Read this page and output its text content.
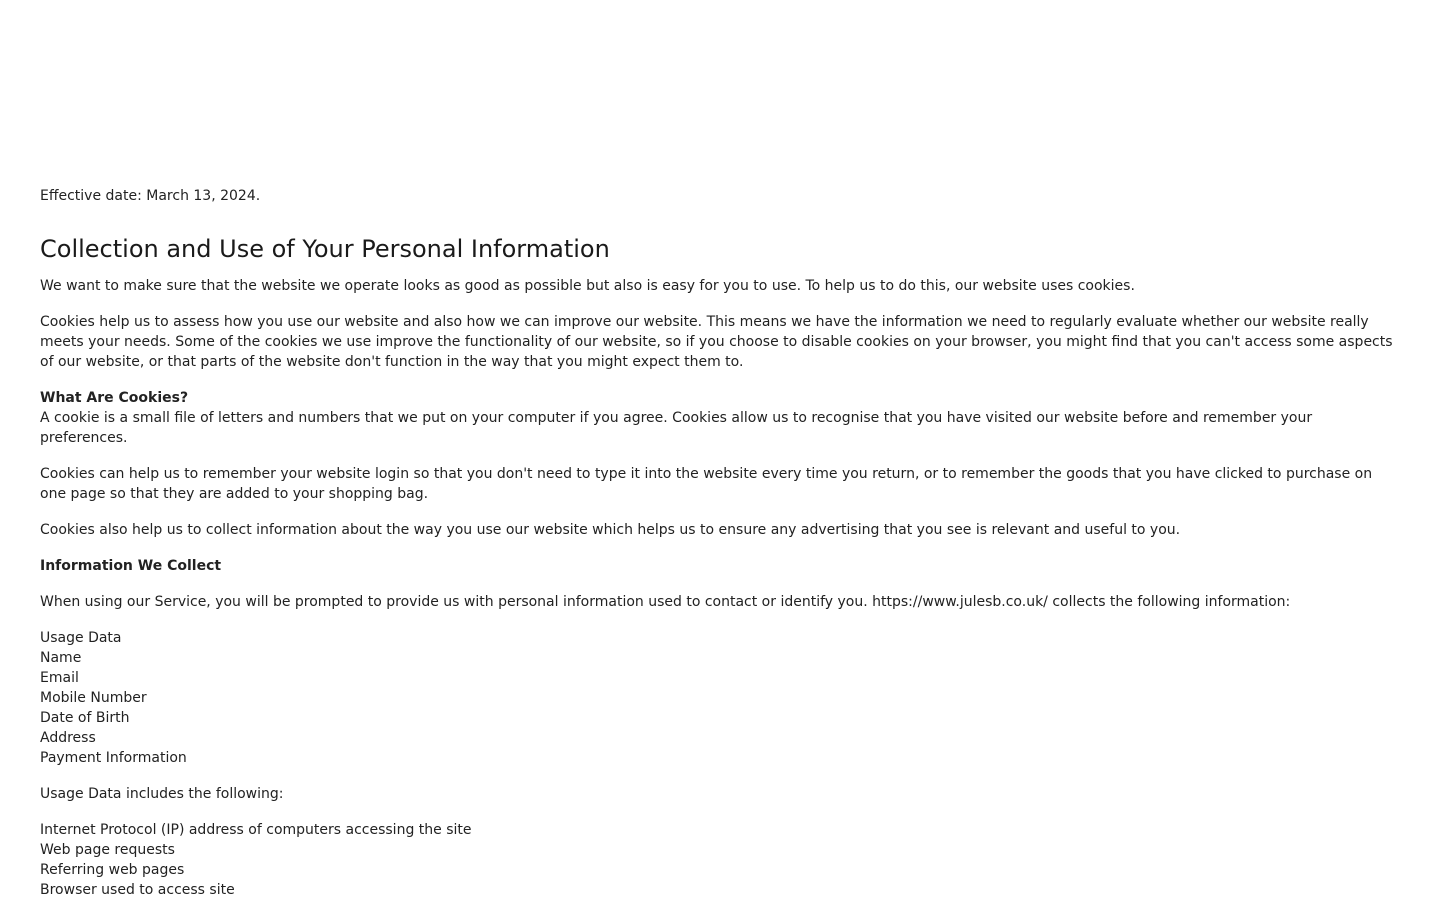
Effective date: March 13, 2024.

Collection and Use of Your Personal Information

We want to make sure that the website we operate looks as good as possible but also is easy for you to use. To help us to do this, our website uses cookies.

Cookies help us to assess how you use our website and also how we can improve our website. This means we have the information we need to regularly evaluate whether our website really meets your needs. Some of the cookies we use improve the functionality of our website, so if you choose to disable cookies on your browser, you might find that you can't access some aspects of our website, or that parts of the website don't function in the way that you might expect them to.

What Are Cookies?

A cookie is a small file of letters and numbers that we put on your computer if you agree. Cookies allow us to recognise that you have visited our website before and remember your preferences.

Cookies can help us to remember your website login so that you don't need to type it into the website every time you return, or to remember the goods that you have clicked to purchase on one page so that they are added to your shopping bag.

Cookies also help us to collect information about the way you use our website which helps us to ensure any advertising that you see is relevant and useful to you.

Information We Collect

When using our Service, you will be prompted to provide us with personal information used to contact or identify you. https://www.julesb.co.uk/ collects the following information:

Usage Data

Name

Email

Mobile Number

Date of Birth

Address

Payment Information

Usage Data includes the following:

Internet Protocol (IP) address of computers accessing the site

Web page requests

Referring web pages

Browser used to access site
